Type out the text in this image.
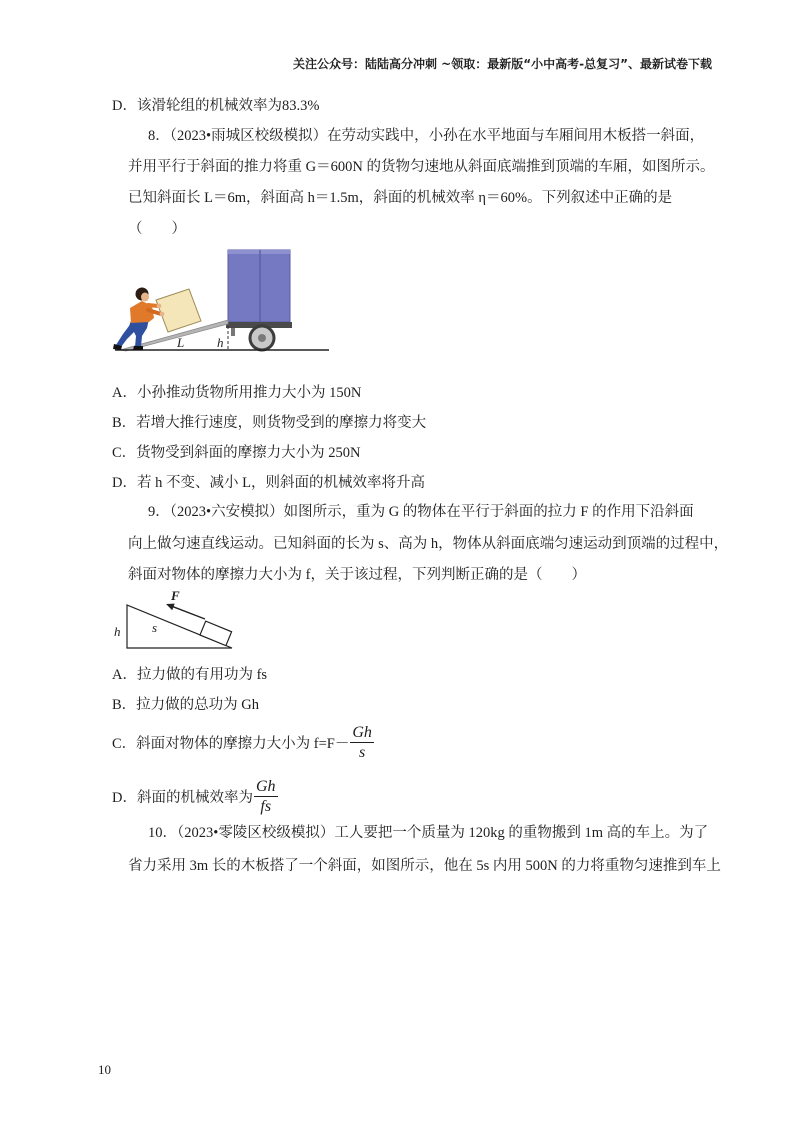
关注公众号：陆陆高分冲刺 ~领取：最新版“小中高考-总复习”、最新试卷下载
D．该滑轮组的机械效率为83.3%
8．（2023•雨城区校级模拟）在劳动实践中，小孙在水平地面与车厢间用木板搭一斜面，
并用平行于斜面的推力将重 G＝600N 的货物匀速地从斜面底端推到顶端的车厢，如图所示。
已知斜面长 L＝6m，斜面高 h＝1.5m，斜面的机械效率 η＝60%。下列叙述中正确的是
（　　）
L	h
A．小孙推动货物所用推力大小为 150N
B．若增大推行速度，则货物受到的摩擦力将变大
C．货物受到斜面的摩擦力大小为 250N
D．若 h 不变、减小 L，则斜面的机械效率将升高
9．（2023•六安模拟）如图所示，重为 G 的物体在平行于斜面的拉力 F 的作用下沿斜面
向上做匀速直线运动。已知斜面的长为 s、高为 h，物体从斜面底端匀速运动到顶端的过程中，
斜面对物体的摩擦力大小为 f，关于该过程，下列判断正确的是（　　）
F
s
h
A．拉力做的有用功为 fs
B．拉力做的总功为 Gh
C．斜面对物体的摩擦力大小为 $f=F- \frac{Gh}{s}$
D．斜面的机械效率为 $\frac{Gh}{fs}$
10．（2023•零陵区校级模拟）工人要把一个质量为 120kg 的重物搬到 1m 高的车上。为了
省力采用 3m 长的木板搭了一个斜面，如图所示，他在 5s 内用 500N 的力将重物匀速推到车上
10
